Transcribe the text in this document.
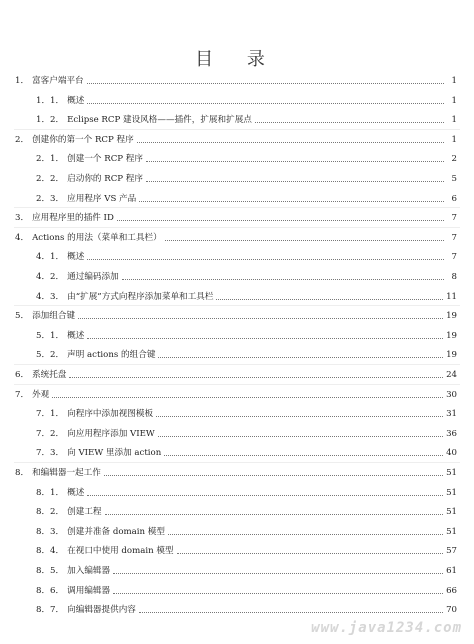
目 录
1． 富客户端平台	1
1．1． 概述	1
1．2． Eclipse RCP 建设风格——插件，扩展和扩展点	1
2． 创建你的第一个 RCP 程序	1
2．1． 创建一个 RCP 程序	2
2．2． 启动你的 RCP 程序	5
2．3． 应用程序 VS 产品	6
3． 应用程序里的插件 ID	7
4． Actions 的用法（菜单和工具栏）	7
4．1． 概述	7
4．2． 通过编码添加	8
4．3． 由“扩展”方式向程序添加菜单和工具栏	11
5． 添加组合键	19
5．1． 概述	19
5．2． 声明 actions 的组合键	19
6． 系统托盘	24
7． 外观	30
7．1． 向程序中添加视图模板	31
7．2． 向应用程序添加 VIEW	36
7．3． 向 VIEW 里添加 action	40
8． 和编辑器一起工作	51
8．1． 概述	51
8．2． 创建工程	51
8．3． 创建并准备 domain 模型	51
8．4． 在视口中使用 domain 模型	57
8．5． 加入编辑器	61
8．6． 调用编辑器	66
8．7． 向编辑器提供内容	70
www.java1234.com
